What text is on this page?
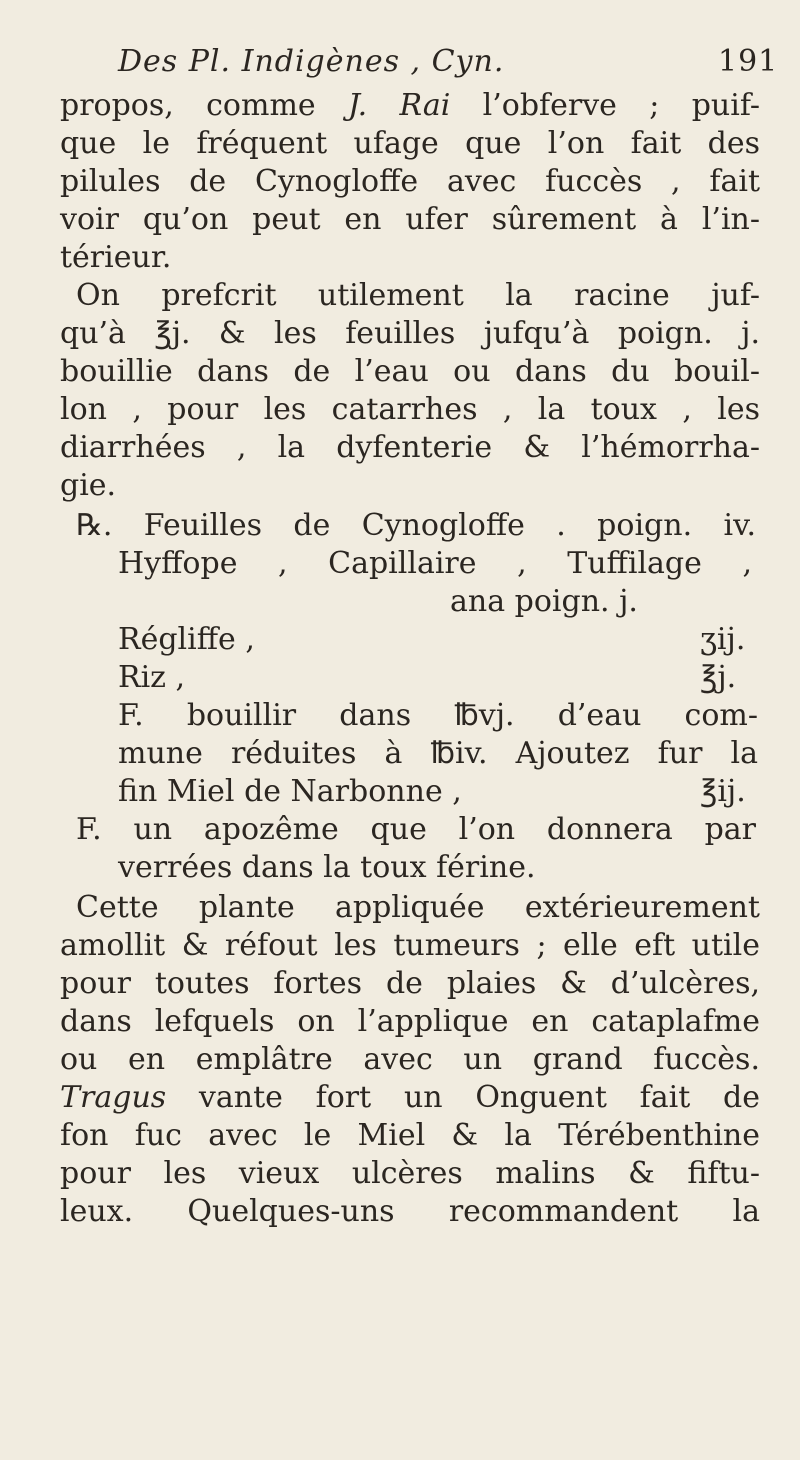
Des Pl. Indigènes , Cyn.	191
propos, comme J. Rai l’obferve ; puif-
que le fréquent ufage que l’on fait des
pilules de Cynogloffe avec fuccès , fait
voir qu’on peut en ufer sûrement à l’in-
térieur.
On prefcrit utilement la racine juf-
qu’à ℥j. & les feuilles jufqu’à poign. j.
bouillie dans de l’eau ou dans du bouil-
lon , pour les catarrhes , la toux , les
diarrhées , la dyfenterie & l’hémorrha-
gie.
℞. Feuilles de Cynogloffe . poign. iv.
Hyffope , Capillaire , Tuffilage ,
ana poign. j.
Régliffe ,	ʒij.
Riz ,	℥j.
F. bouillir dans ℔vj. d’eau com-
mune réduites à ℔iv. Ajoutez fur la
fin Miel de Narbonne ,	℥ij.
F. un apozême que l’on donnera par
verrées dans la toux férine.
Cette plante appliquée extérieurement
amollit & réfout les tumeurs ; elle eft utile
pour toutes fortes de plaies & d’ulcères,
dans lefquels on l’applique en cataplafme
ou en emplâtre avec un grand fuccès.
Tragus vante fort un Onguent fait de
fon fuc avec le Miel & la Térébenthine
pour les vieux ulcères malins & fiftu-
leux. Quelques-uns recommandent la
